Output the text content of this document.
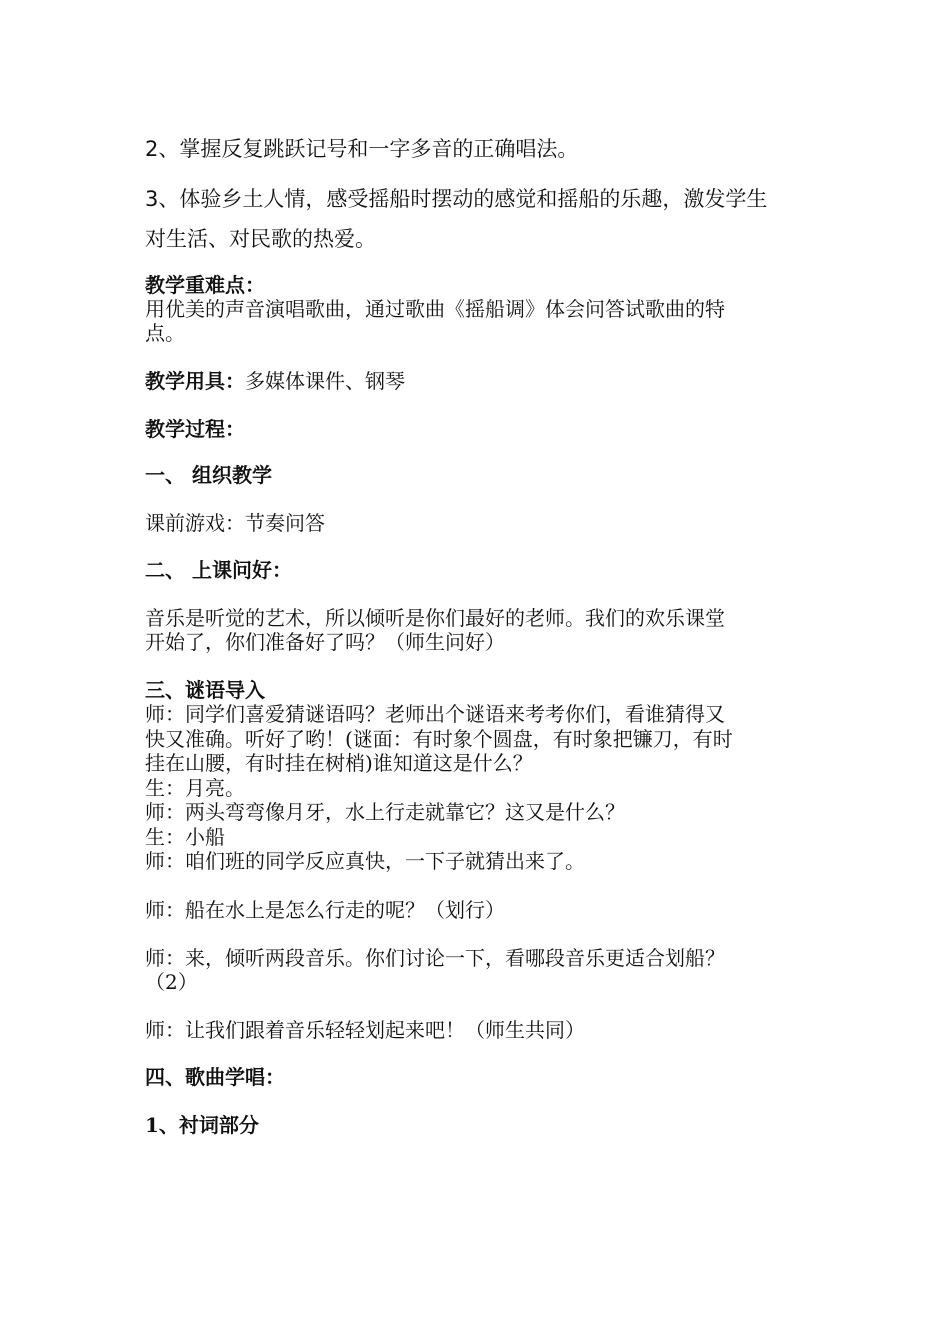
2、掌握反复跳跃记号和一字多音的正确唱法。

3、体验乡土人情，感受摇船时摆动的感觉和摇船的乐趣，激发学生

对生活、对民歌的热爱。

教学重难点：

用优美的声音演唱歌曲，通过歌曲《摇船调》体会问答试歌曲的特

点。

教学用具：多媒体课件、钢琴

教学过程：

一、 组织教学

课前游戏：节奏问答

二、 上课问好：

音乐是听觉的艺术，所以倾听是你们最好的老师。我们的欢乐课堂

开始了，你们准备好了吗？（师生问好）

三、谜语导入

师：同学们喜爱猜谜语吗？老师出个谜语来考考你们，看谁猜得又

快又准确。听好了哟！(谜面：有时象个圆盘，有时象把镰刀，有时

挂在山腰，有时挂在树梢)谁知道这是什么？

生：月亮。

师：两头弯弯像月牙，水上行走就靠它？这又是什么？

生：小船

师：咱们班的同学反应真快，一下子就猜出来了。

师：船在水上是怎么行走的呢？（划行）

师：来，倾听两段音乐。你们讨论一下，看哪段音乐更适合划船？

（2）

师：让我们跟着音乐轻轻划起来吧！（师生共同）

四、歌曲学唱：

1、衬词部分
